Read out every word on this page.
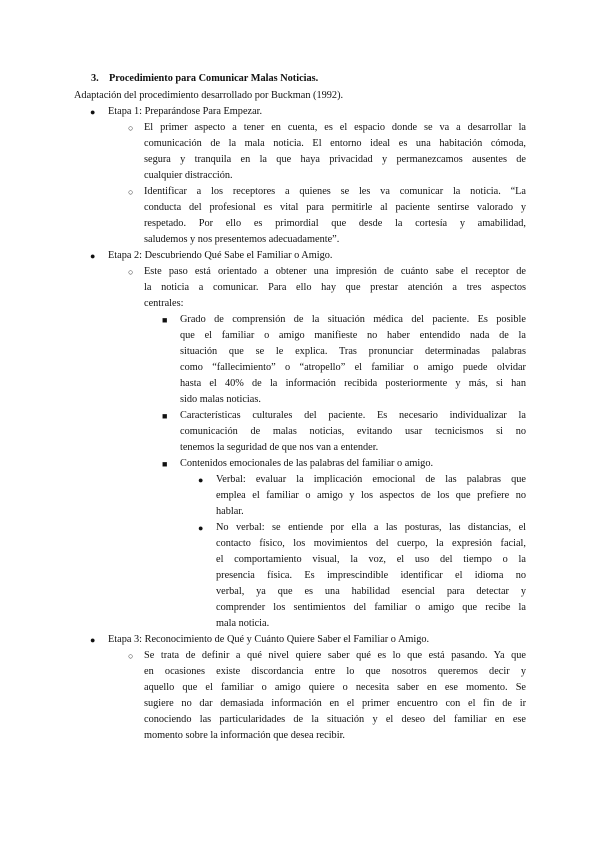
3. Procedimiento para Comunicar Malas Noticias.
Adaptación del procedimiento desarrollado por Buckman (1992).
● Etapa 1: Preparándose Para Empezar.
○ El primer aspecto a tener en cuenta, es el espacio donde se va a desarrollar la
comunicación de la mala noticia. El entorno ideal es una habitación cómoda,
segura y tranquila en la que haya privacidad y permanezcamos ausentes de
cualquier distracción.
○ Identificar a los receptores a quienes se les va comunicar la noticia. “La
conducta del profesional es vital para permitirle al paciente sentirse valorado y
respetado. Por ello es primordial que desde la cortesía y amabilidad,
saludemos y nos presentemos adecuadamente”.
● Etapa 2: Descubriendo Qué Sabe el Familiar o Amigo.
○ Este paso está orientado a obtener una impresión de cuánto sabe el receptor de
la noticia a comunicar. Para ello hay que prestar atención a tres aspectos
centrales:
■ Grado de comprensión de la situación médica del paciente. Es posible
que el familiar o amigo manifieste no haber entendido nada de la
situación que se le explica. Tras pronunciar determinadas palabras
como “fallecimiento” o “atropello” el familiar o amigo puede olvidar
hasta el 40% de la información recibida posteriormente y más, si han
sido malas noticias.
■ Características culturales del paciente. Es necesario individualizar la
comunicación de malas noticias, evitando usar tecnicismos si no
tenemos la seguridad de que nos van a entender.
■ Contenidos emocionales de las palabras del familiar o amigo.
● Verbal: evaluar la implicación emocional de las palabras que
emplea el familiar o amigo y los aspectos de los que prefiere no
hablar.
● No verbal: se entiende por ella a las posturas, las distancias, el
contacto físico, los movimientos del cuerpo, la expresión facial,
el comportamiento visual, la voz, el uso del tiempo o la
presencia física. Es imprescindible identificar el idioma no
verbal, ya que es una habilidad esencial para detectar y
comprender los sentimientos del familiar o amigo que recibe la
mala noticia.
● Etapa 3: Reconocimiento de Qué y Cuánto Quiere Saber el Familiar o Amigo.
○ Se trata de definir a qué nivel quiere saber qué es lo que está pasando. Ya que
en ocasiones existe discordancia entre lo que nosotros queremos decir y
aquello que el familiar o amigo quiere o necesita saber en ese momento. Se
sugiere no dar demasiada información en el primer encuentro con el fin de ir
conociendo las particularidades de la situación y el deseo del familiar en ese
momento sobre la información que desea recibir.
